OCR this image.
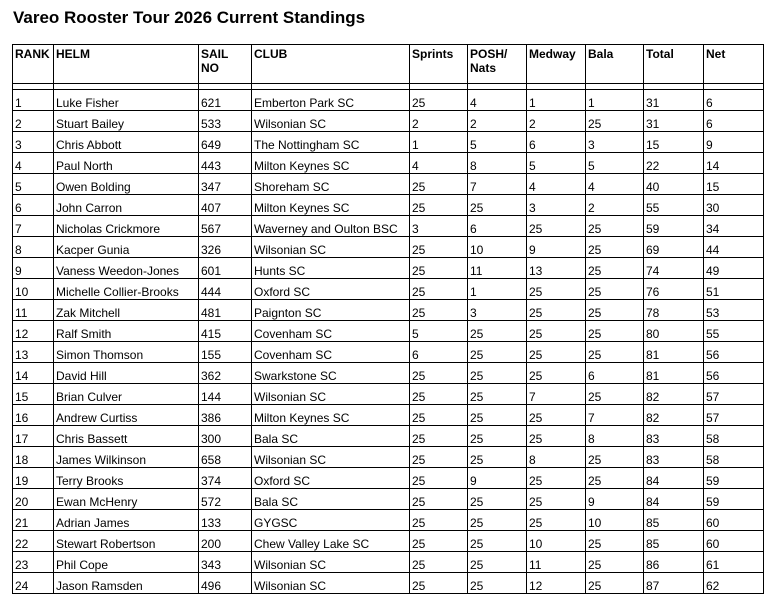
Vareo Rooster Tour 2026 Current Standings
RANK	HELM	SAIL NO	CLUB	Sprints	POSH/ Nats	Medway	Bala	Total	Net

1	Luke Fisher	621	Emberton Park SC	25	4	1	1	31	6
2	Stuart Bailey	533	Wilsonian SC	2	2	2	25	31	6
3	Chris Abbott	649	The Nottingham SC	1	5	6	3	15	9
4	Paul North	443	Milton Keynes SC	4	8	5	5	22	14
5	Owen Bolding	347	Shoreham SC	25	7	4	4	40	15
6	John Carron	407	Milton Keynes SC	25	25	3	2	55	30
7	Nicholas Crickmore	567	Waverney and Oulton BSC	3	6	25	25	59	34
8	Kacper Gunia	326	Wilsonian SC	25	10	9	25	69	44
9	Vaness Weedon-Jones	601	Hunts SC	25	11	13	25	74	49
10	Michelle Collier-Brooks	444	Oxford SC	25	1	25	25	76	51
11	Zak Mitchell	481	Paignton SC	25	3	25	25	78	53
12	Ralf Smith	415	Covenham SC	5	25	25	25	80	55
13	Simon Thomson	155	Covenham SC	6	25	25	25	81	56
14	David Hill	362	Swarkstone SC	25	25	25	6	81	56
15	Brian Culver	144	Wilsonian SC	25	25	7	25	82	57
16	Andrew Curtiss	386	Milton Keynes SC	25	25	25	7	82	57
17	Chris Bassett	300	Bala SC	25	25	25	8	83	58
18	James Wilkinson	658	Wilsonian SC	25	25	8	25	83	58
19	Terry Brooks	374	Oxford SC	25	9	25	25	84	59
20	Ewan McHenry	572	Bala SC	25	25	25	9	84	59
21	Adrian James	133	GYGSC	25	25	25	10	85	60
22	Stewart Robertson	200	Chew Valley Lake SC	25	25	10	25	85	60
23	Phil Cope	343	Wilsonian SC	25	25	11	25	86	61
24	Jason Ramsden	496	Wilsonian SC	25	25	12	25	87	62
